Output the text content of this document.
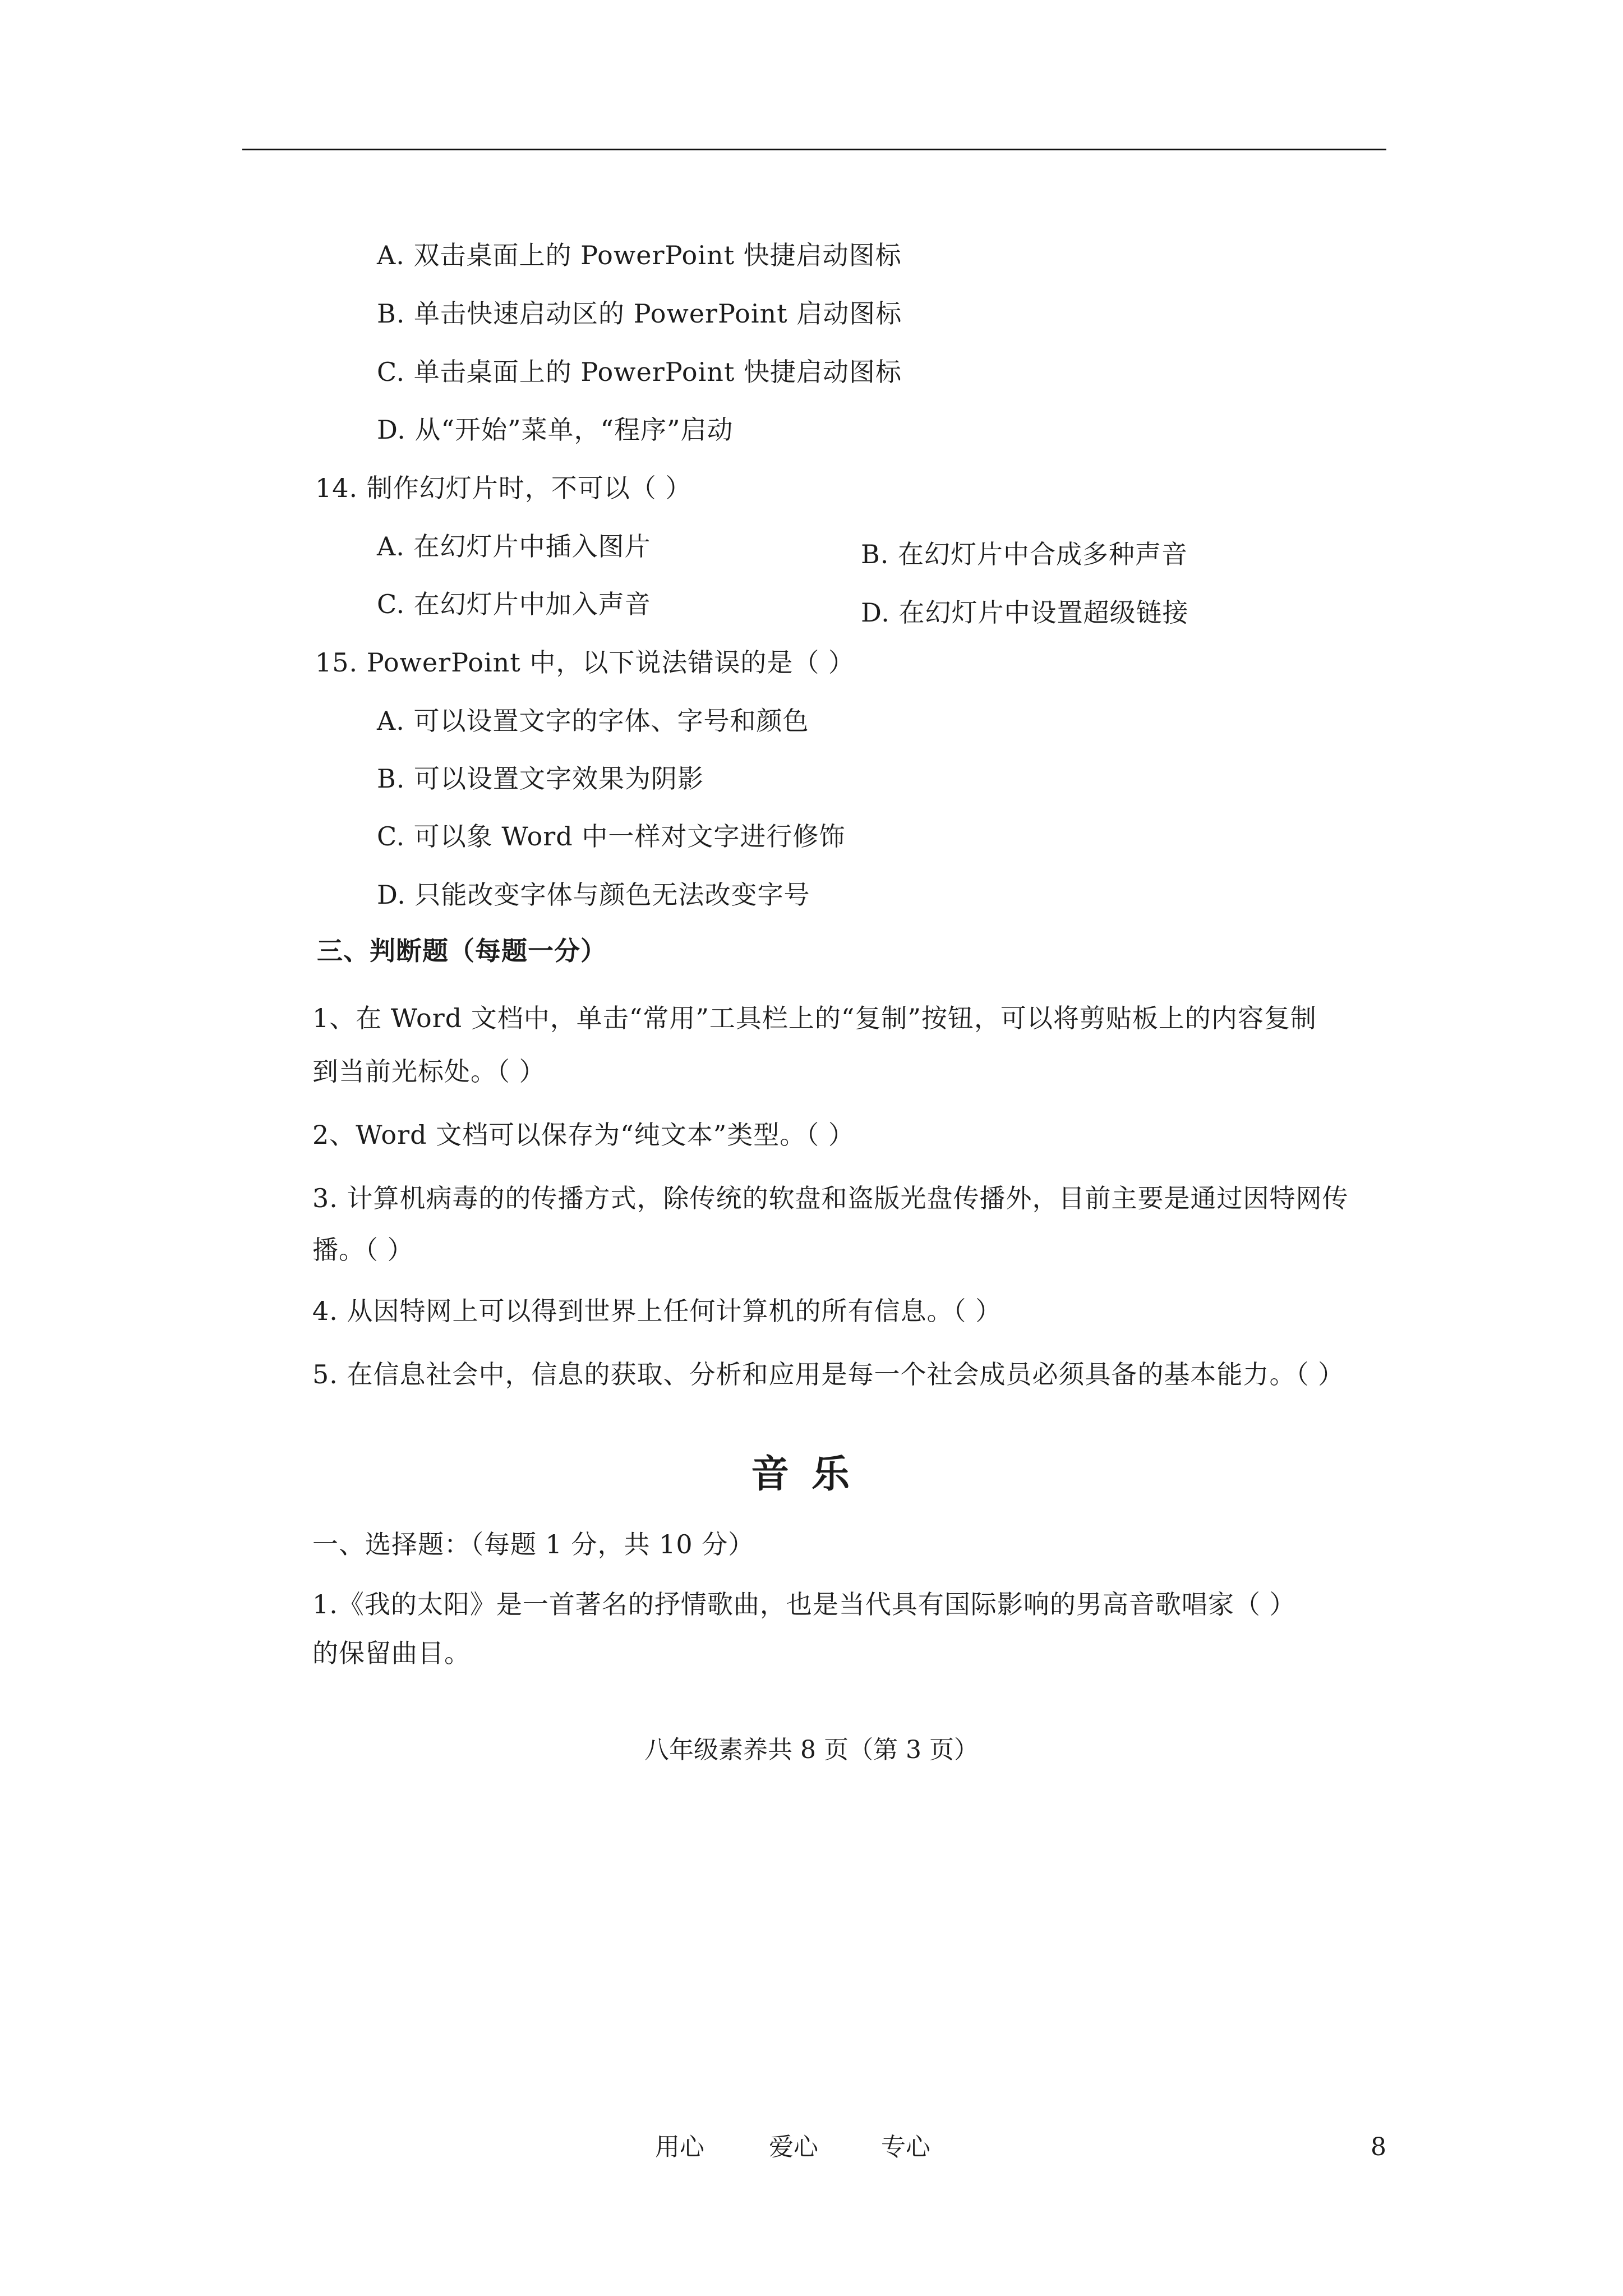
A. 双击桌面上的 PowerPoint 快捷启动图标
B. 单击快速启动区的 PowerPoint 启动图标
C. 单击桌面上的 PowerPoint 快捷启动图标
D. 从“开始”菜单，“程序”启动
14. 制作幻灯片时，不可以（ ）
A. 在幻灯片中插入图片	B. 在幻灯片中合成多种声音
C. 在幻灯片中加入声音	D. 在幻灯片中设置超级链接
15. PowerPoint 中，以下说法错误的是（ ）
A. 可以设置文字的字体、字号和颜色
B. 可以设置文字效果为阴影
C. 可以象 Word 中一样对文字进行修饰
D. 只能改变字体与颜色无法改变字号
三、判断题（每题一分）
1、在 Word 文档中，单击“常用”工具栏上的“复制”按钮，可以将剪贴板上的内容复制
到当前光标处。（ ）
2、Word 文档可以保存为“纯文本”类型。（ ）
3. 计算机病毒的的传播方式，除传统的软盘和盗版光盘传播外，目前主要是通过因特网传
播。（ ）
4. 从因特网上可以得到世界上任何计算机的所有信息。（ ）
5. 在信息社会中，信息的获取、分析和应用是每一个社会成员必须具备的基本能力。（ ）
音乐
一、选择题：（每题 1 分，共 10 分）
1.《我的太阳》是一首著名的抒情歌曲，也是当代具有国际影响的男高音歌唱家（ ）
的保留曲目。
八年级素养共 8 页（第 3 页）
用心	爱心	专心	8
